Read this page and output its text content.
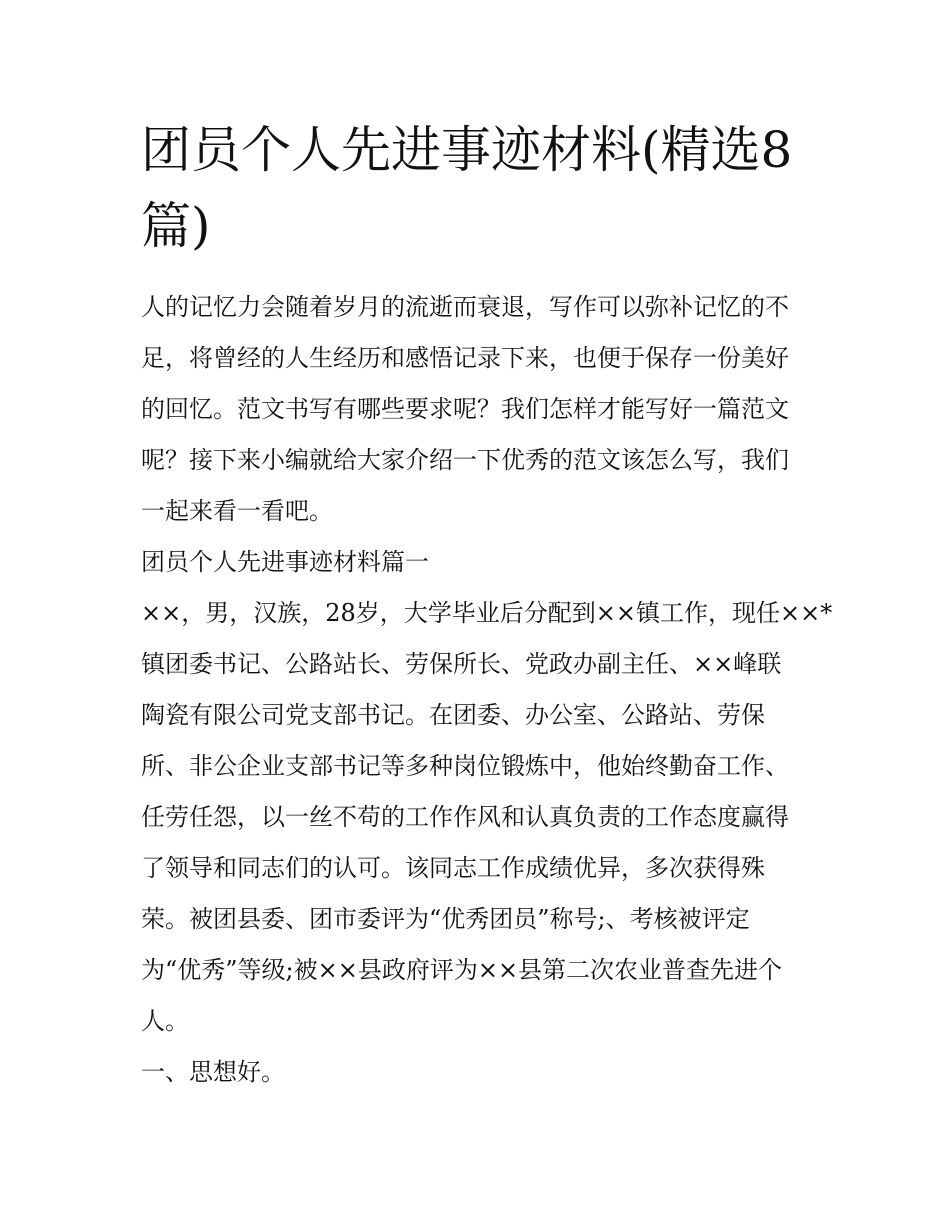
团员个人先进事迹材料(精选8篇)
人的记忆力会随着岁月的流逝而衰退，写作可以弥补记忆的不
足，将曾经的人生经历和感悟记录下来，也便于保存一份美好
的回忆。范文书写有哪些要求呢？我们怎样才能写好一篇范文
呢？接下来小编就给大家介绍一下优秀的范文该怎么写，我们
一起来看一看吧。
团员个人先进事迹材料篇一
××，男，汉族，28岁，大学毕业后分配到××镇工作，现任××*
镇团委书记、公路站长、劳保所长、党政办副主任、××峰联
陶瓷有限公司党支部书记。在团委、办公室、公路站、劳保
所、非公企业支部书记等多种岗位锻炼中，他始终勤奋工作、
任劳任怨，以一丝不苟的工作作风和认真负责的工作态度赢得
了领导和同志们的认可。该同志工作成绩优异，多次获得殊
荣。被团县委、团市委评为“优秀团员”称号;、考核被评定
为“优秀”等级;被××县政府评为××县第二次农业普查先进个
人。
一、思想好。
